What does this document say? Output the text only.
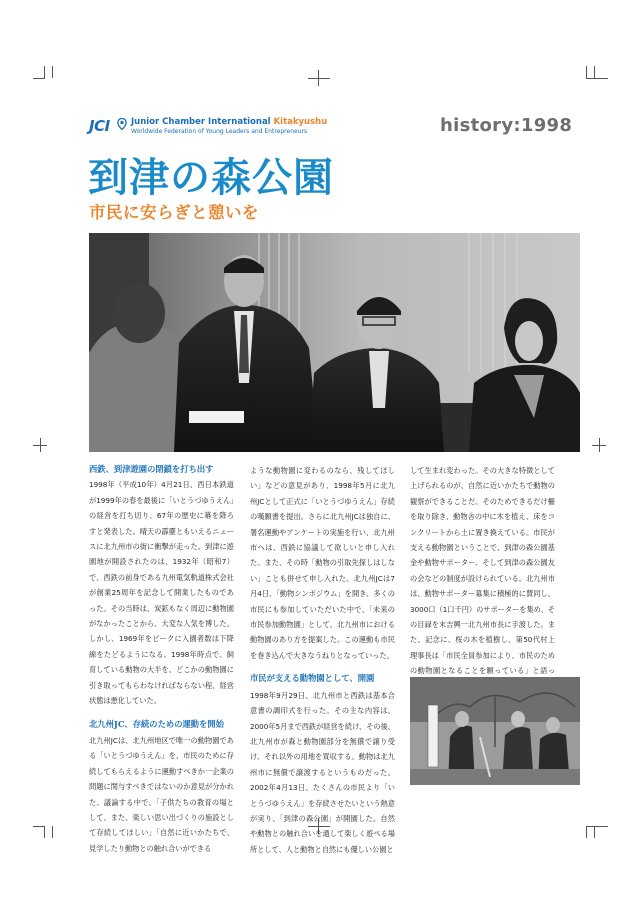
JCI	Junior Chamber International Kitakyushu
Worldwide Federation of Young Leaders and Entrepreneurs	history:1998
到津の森公園
市民に安らぎと憩いを
西鉄、到津遊園の閉鎖を打ち出す

1998年（平成10年）4月21日、西日本鉄道が1999年の春を最後に「いとうづゆうえん」の経営を打ち切り、67年の歴史に幕を降ろすと発表した。晴天の霹靂ともいえるニュースに北九州市の街に衝撃が走った。到津に遊園地が開設されたのは、1932年（昭和7）で、西鉄の前身である九州電気軌道株式会社が創業25周年を記念して開業したものであった。その当時は、炭鉱もなく周辺に動物園がなかったことから、大変な人気を博した。しかし、1969年をピークに入園者数は下降線をたどるようになる。1998年時点で、飼育している動物の大半を、どこかの動物園に引き取ってもらわなければならない程、経営状態は悪化していた。

北九州JC、存続のための運動を開始

北九州JCは、北九州地区で唯一の動物園である「いとうづゆうえん」を、市民のために存続してもらえるように運動すべきか一企業の問題に関与すべきではないのか意見が分かれた。議論する中で、「子供たちの教育の場として、また、楽しい思い出づくりの施設として存続してほしい」「自然に近いかたちで、見学したり動物との触れ合いができる

ような動物園に変わるのなら、残してほしい」などの意見があり、1998年5月に北九州JCとして正式に「いとうづゆうえん」存続の嘆願書を提出。さらに北九州JCは独自に、署名運動やアンケートの実施を行い、北九州市へは、西鉄に協議して欲しいと申し入れた。また、その時「動物の引取先探しはしない」ことも併せて申し入れた。北九州JCは7月4日、「動物シンポジウム」を開き、多くの市民にも参加していただいた中で、「未来の市民参加動物園」として、北九州市における動物園のあり方を提案した。この運動も市民を巻き込んで大きなうねりとなっていった。

市民が支える動物園として、開園

1998年9月29日、北九州市と西鉄は基本合意書の調印式を行った。その主な内容は、2000年5月まで西鉄が経営を続け、その後、北九州市が森と動物園部分を無償で譲り受け、それ以外の用地を買収する。動物は北九州市に無償で譲渡するというものだった。2002年4月13日、たくさんの市民より「いとうづゆうえん」を存続させたいという熱意が実り、「到津の森公園」が開園した。自然や動物との触れ合いを通して楽しく遊べる場所として、人と動物と自然にも優しい公園と

して生まれ変わった。その大きな特徴として上げられるのが、自然に近いかたちで動物の観察ができることだ。そのためできるだけ柵を取り除き、動物舎の中に木を植え、床をコンクリートから土に置き換えている。市民が支える動物園ということで、到津の森公園基金や動物サポーター、そして到津の森公園友の会などの制度が設けられている。北九州市は、動物サポーター募集に積極的に賛同し、3000口（1口千円）のサポーターを集め、その目録を末吉興一北九州市長に手渡した。また、記念に、桜の木を植樹し、第50代村上理事長は「市民全員参加により、市民のための動物園となることを願っている」と語っ
